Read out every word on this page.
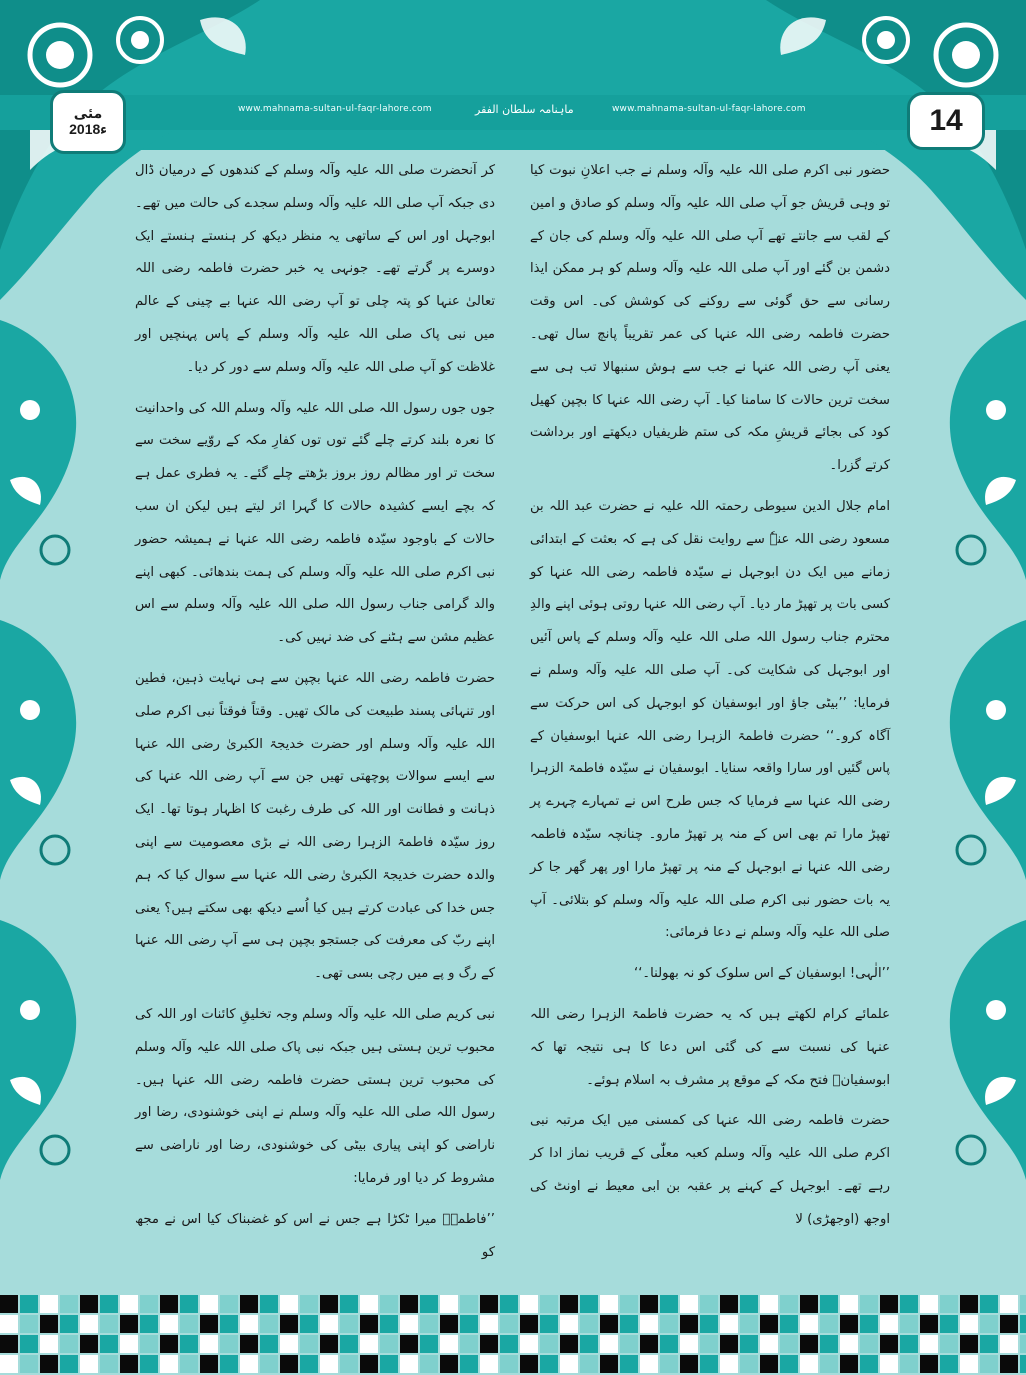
www.mahnama-sultan-ul-faqr-lahore.com	ماہنامہ سلطان الفقر	www.mahnama-sultan-ul-faqr-lahore.com	14
مئی
2018ء

حضور نبی اکرم صلی اللہ علیہ وآلہ وسلم نے جب اعلانِ نبوت کیا تو وہی قریش جو آپ صلی اللہ علیہ وآلہ وسلم کو صادق و امین کے لقب سے جانتے تھے آپ صلی اللہ علیہ وآلہ وسلم کی جان کے دشمن بن گئے اور آپ صلی اللہ علیہ وآلہ وسلم کو ہر ممکن ایذا رسانی سے حق گوئی سے روکنے کی کوشش کی۔ اس وقت حضرت فاطمہ رضی اللہ عنہا کی عمر تقریباً پانچ سال تھی۔ یعنی آپ رضی اللہ عنہا نے جب سے ہوش سنبھالا تب ہی سے سخت ترین حالات کا سامنا کیا۔ آپ رضی اللہ عنہا کا بچپن کھیل کود کی بجائے قریشِ مکہ کی ستم ظریفیاں دیکھتے اور برداشت کرتے گزرا۔

امام جلال الدین سیوطی رحمتہ اللہ علیہ نے حضرت عبد اللہ بن مسعود رضی اللہ عنہٗ سے روایت نقل کی ہے کہ بعثت کے ابتدائی زمانے میں ایک دن ابوجہل نے سیّدہ فاطمہ رضی اللہ عنہا کو کسی بات پر تھپڑ مار دیا۔ آپ رضی اللہ عنہا روتی ہوئی اپنے والدِ محترم جناب رسول اللہ صلی اللہ علیہ وآلہ وسلم کے پاس آئیں اور ابوجہل کی شکایت کی۔ آپ صلی اللہ علیہ وآلہ وسلم نے فرمایا: ’’بیٹی جاؤ اور ابوسفیان کو ابوجہل کی اس حرکت سے آگاہ کرو۔‘‘ حضرت فاطمۃ الزہرا رضی اللہ عنہا ابوسفیان کے پاس گئیں اور سارا واقعہ سنایا۔ ابوسفیان نے سیّدہ فاطمۃ الزہرا رضی اللہ عنہا سے فرمایا کہ جس طرح اس نے تمہارے چہرے پر تھپڑ مارا تم بھی اس کے منہ پر تھپڑ مارو۔ چنانچہ سیّدہ فاطمہ رضی اللہ عنہا نے ابوجہل کے منہ پر تھپڑ مارا اور پھر گھر جا کر یہ بات حضور نبی اکرم صلی اللہ علیہ وآلہ وسلم کو بتلائی۔ آپ صلی اللہ علیہ وآلہ وسلم نے دعا فرمائی:

’’الٰہی! ابوسفیان کے اس سلوک کو نہ بھولنا۔‘‘

علمائے کرام لکھتے ہیں کہ یہ حضرت فاطمۃ الزہرا رضی اللہ عنہا کی نسبت سے کی گئی اس دعا کا ہی نتیجہ تھا کہ ابوسفیانؓ فتح مکہ کے موقع پر مشرف بہ اسلام ہوئے۔

حضرت فاطمہ رضی اللہ عنہا کی کمسنی میں ایک مرتبہ نبی اکرم صلی اللہ علیہ وآلہ وسلم کعبہ معلّٰی کے قریب نماز ادا کر رہے تھے۔ ابوجہل کے کہنے پر عقبہ بن ابی معیط نے اونٹ کی اوجھ (اوجھڑی) لا

کر آنحضرت صلی اللہ علیہ وآلہ وسلم کے کندھوں کے درمیان ڈال دی جبکہ آپ صلی اللہ علیہ وآلہ وسلم سجدے کی حالت میں تھے۔ ابوجہل اور اس کے ساتھی یہ منظر دیکھ کر ہنستے ہنستے ایک دوسرے پر گرتے تھے۔ جونہی یہ خبر حضرت فاطمہ رضی اللہ تعالیٰ عنہا کو پتہ چلی تو آپ رضی اللہ عنہا بے چینی کے عالم میں نبی پاک صلی اللہ علیہ وآلہ وسلم کے پاس پہنچیں اور غلاظت کو آپ صلی اللہ علیہ وآلہ وسلم سے دور کر دیا۔

جوں جوں رسول اللہ صلی اللہ علیہ وآلہ وسلم اللہ کی واحدانیت کا نعرہ بلند کرتے چلے گئے توں توں کفارِ مکہ کے روّیے سخت سے سخت تر اور مظالم روز بروز بڑھتے چلے گئے۔ یہ فطری عمل ہے کہ بچے ایسے کشیدہ حالات کا گہرا اثر لیتے ہیں لیکن ان سب حالات کے باوجود سیّدہ فاطمہ رضی اللہ عنہا نے ہمیشہ حضور نبی اکرم صلی اللہ علیہ وآلہ وسلم کی ہمت بندھائی۔ کبھی اپنے والد گرامی جناب رسول اللہ صلی اللہ علیہ وآلہ وسلم سے اس عظیم مشن سے ہٹنے کی ضد نہیں کی۔

حضرت فاطمہ رضی اللہ عنہا بچپن سے ہی نہایت ذہین، فطین اور تنہائی پسند طبیعت کی مالک تھیں۔ وقتاً فوقتاً نبی اکرم صلی اللہ علیہ وآلہ وسلم اور حضرت خدیجۃ الکبریٰ رضی اللہ عنہا سے ایسے سوالات پوچھتی تھیں جن سے آپ رضی اللہ عنہا کی ذہانت و فطانت اور اللہ کی طرف رغبت کا اظہار ہوتا تھا۔ ایک روز سیّدہ فاطمۃ الزہرا رضی اللہ نے بڑی معصومیت سے اپنی والدہ حضرت خدیجۃ الکبریٰ رضی اللہ عنہا سے سوال کیا کہ ہم جس خدا کی عبادت کرتے ہیں کیا اُسے دیکھ بھی سکتے ہیں؟ یعنی اپنے ربّ کی معرفت کی جستجو بچپن ہی سے آپ رضی اللہ عنہا کے رگ و پے میں رچی بسی تھی۔

نبی کریم صلی اللہ علیہ وآلہ وسلم وجہ تخلیقِ کائنات اور اللہ کی محبوب ترین ہستی ہیں جبکہ نبی پاک صلی اللہ علیہ وآلہ وسلم کی محبوب ترین ہستی حضرت فاطمہ رضی اللہ عنہا ہیں۔ رسول اللہ صلی اللہ علیہ وآلہ وسلم نے اپنی خوشنودی، رضا اور ناراضی کو اپنی پیاری بیٹی کی خوشنودی، رضا اور ناراضی سے مشروط کر دیا اور فرمایا:

’’فاطمہؓ میرا ٹکڑا ہے جس نے اس کو غضبناک کیا اس نے مجھ کو
